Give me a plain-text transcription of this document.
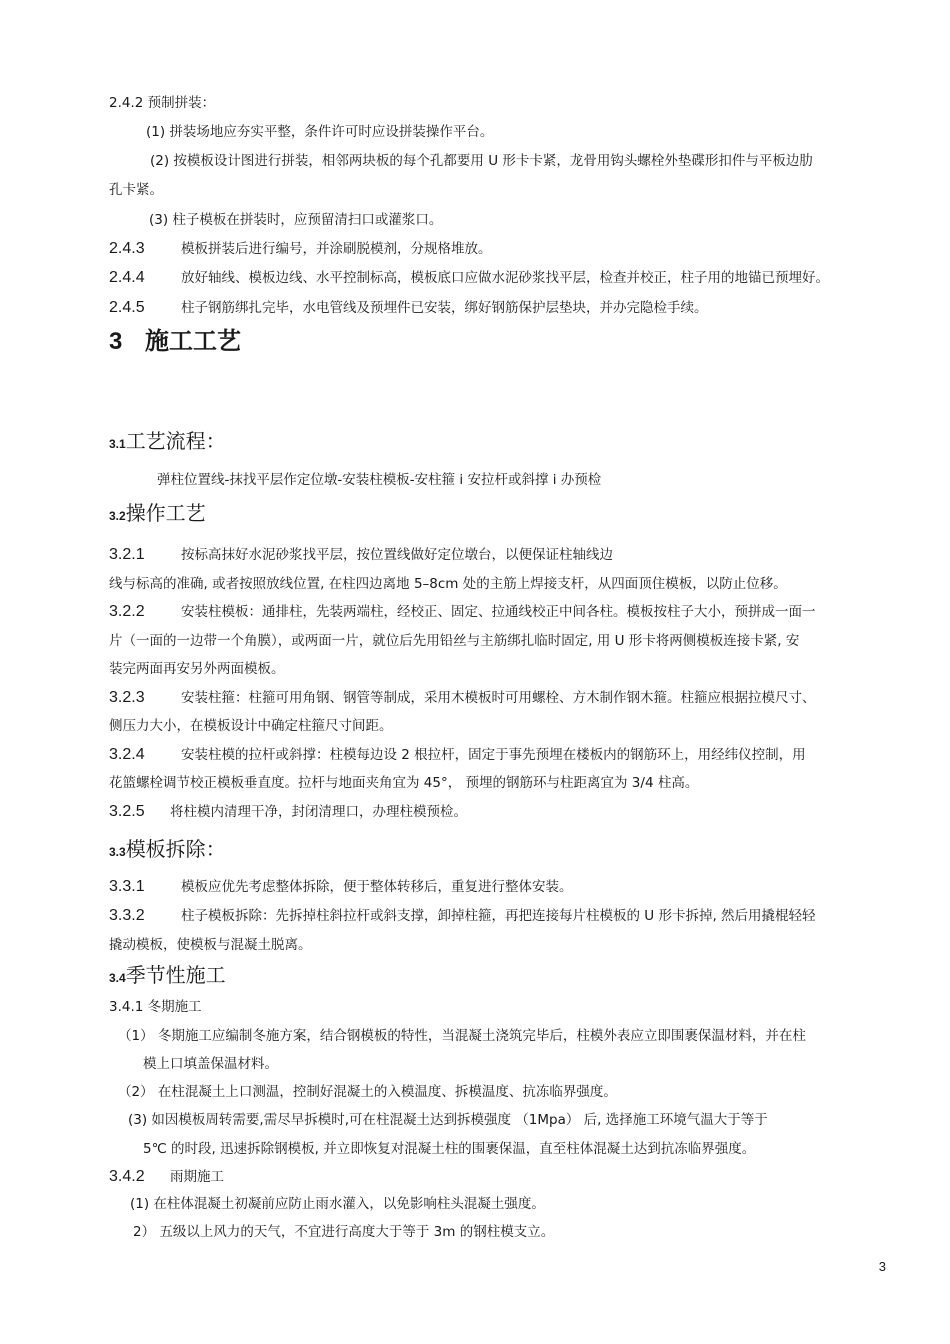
2.4.2 预制拼装：
(1) 拼装场地应夯实平整，条件许可时应设拼装操作平台。
(2) 按模板设计图进行拼装，相邻两块板的每个孔都要用 U 形卡卡紧，龙骨用钩头螺栓外垫碟形扣件与平板边肋
孔卡紧。
(3) 柱子模板在拼装时，应预留清扫口或灌浆口。
2.4.3	模板拼装后进行编号，并涂刷脱模剂，分规格堆放。
2.4.4	放好轴线、模板边线、水平控制标高，模板底口应做水泥砂浆找平层，检查并校正，柱子用的地锚已预埋好。
2.4.5	柱子钢筋绑扎完毕，水电管线及预埋件已安装，绑好钢筋保护层垫块，并办完隐检手续。
3 施工工艺
3.1工艺流程：
弹柱位置线-抹找平层作定位墩-安装柱模板-安柱箍 i 安拉杆或斜撑 i 办预检
3.2操作工艺
3.2.1	按标高抹好水泥砂浆找平层，按位置线做好定位墩台，以便保证柱轴线边
线与标高的准确, 或者按照放线位置, 在柱四边离地 5–8cm 处的主筋上焊接支杆，从四面顶住模板，以防止位移。
3.2.2	安装柱模板：通排柱，先装两端柱，经校正、固定、拉通线校正中间各柱。模板按柱子大小，预拼成一面一
片（一面的一边带一个角膜），或两面一片，就位后先用铅丝与主筋绑扎临时固定, 用 U 形卡将两侧模板连接卡紧, 安
装完两面再安另外两面模板。
3.2.3	安装柱箍：柱箍可用角钢、钢管等制成，采用木模板时可用螺栓、方木制作钢木箍。柱箍应根据拉模尺寸、
侧压力大小，在模板设计中确定柱箍尺寸间距。
3.2.4	安装柱模的拉杆或斜撑：柱模每边设 2 根拉杆，固定于事先预埋在楼板内的钢筋环上，用经纬仪控制，用
花篮螺栓调节校正模板垂直度。拉杆与地面夹角宜为 45°， 预埋的钢筋环与柱距离宜为 3/4 柱高。
3.2.5 将柱模内清理干净，封闭清理口，办理柱模预检。
3.3模板拆除：
3.3.1	模板应优先考虑整体拆除，便于整体转移后，重复进行整体安装。
3.3.2	柱子模板拆除：先拆掉柱斜拉杆或斜支撑，卸掉柱箍，再把连接每片柱模板的 U 形卡拆掉, 然后用撬棍轻轻
撬动模板，使模板与混凝土脱离。
3.4季节性施工
3.4.1 冬期施工
（1） 冬期施工应编制冬施方案，结合钢模板的特性，当混凝土浇筑完毕后，柱模外表应立即围裹保温材料，并在柱
模上口填盖保温材料。
（2） 在柱混凝土上口测温，控制好混凝土的入模温度、拆模温度、抗冻临界强度。
(3) 如因模板周转需要,需尽早拆模时,可在柱混凝土达到拆模强度 （1Mpa） 后, 选择施工环境气温大于等于
5℃ 的时段, 迅速拆除钢模板, 并立即恢复对混凝土柱的围裹保温，直至柱体混凝土达到抗冻临界强度。
3.4.2 雨期施工
(1) 在柱体混凝土初凝前应防止雨水灌入，以免影响柱头混凝土强度。
2） 五级以上风力的天气，不宜进行高度大于等于 3m 的钢柱模支立。
3
